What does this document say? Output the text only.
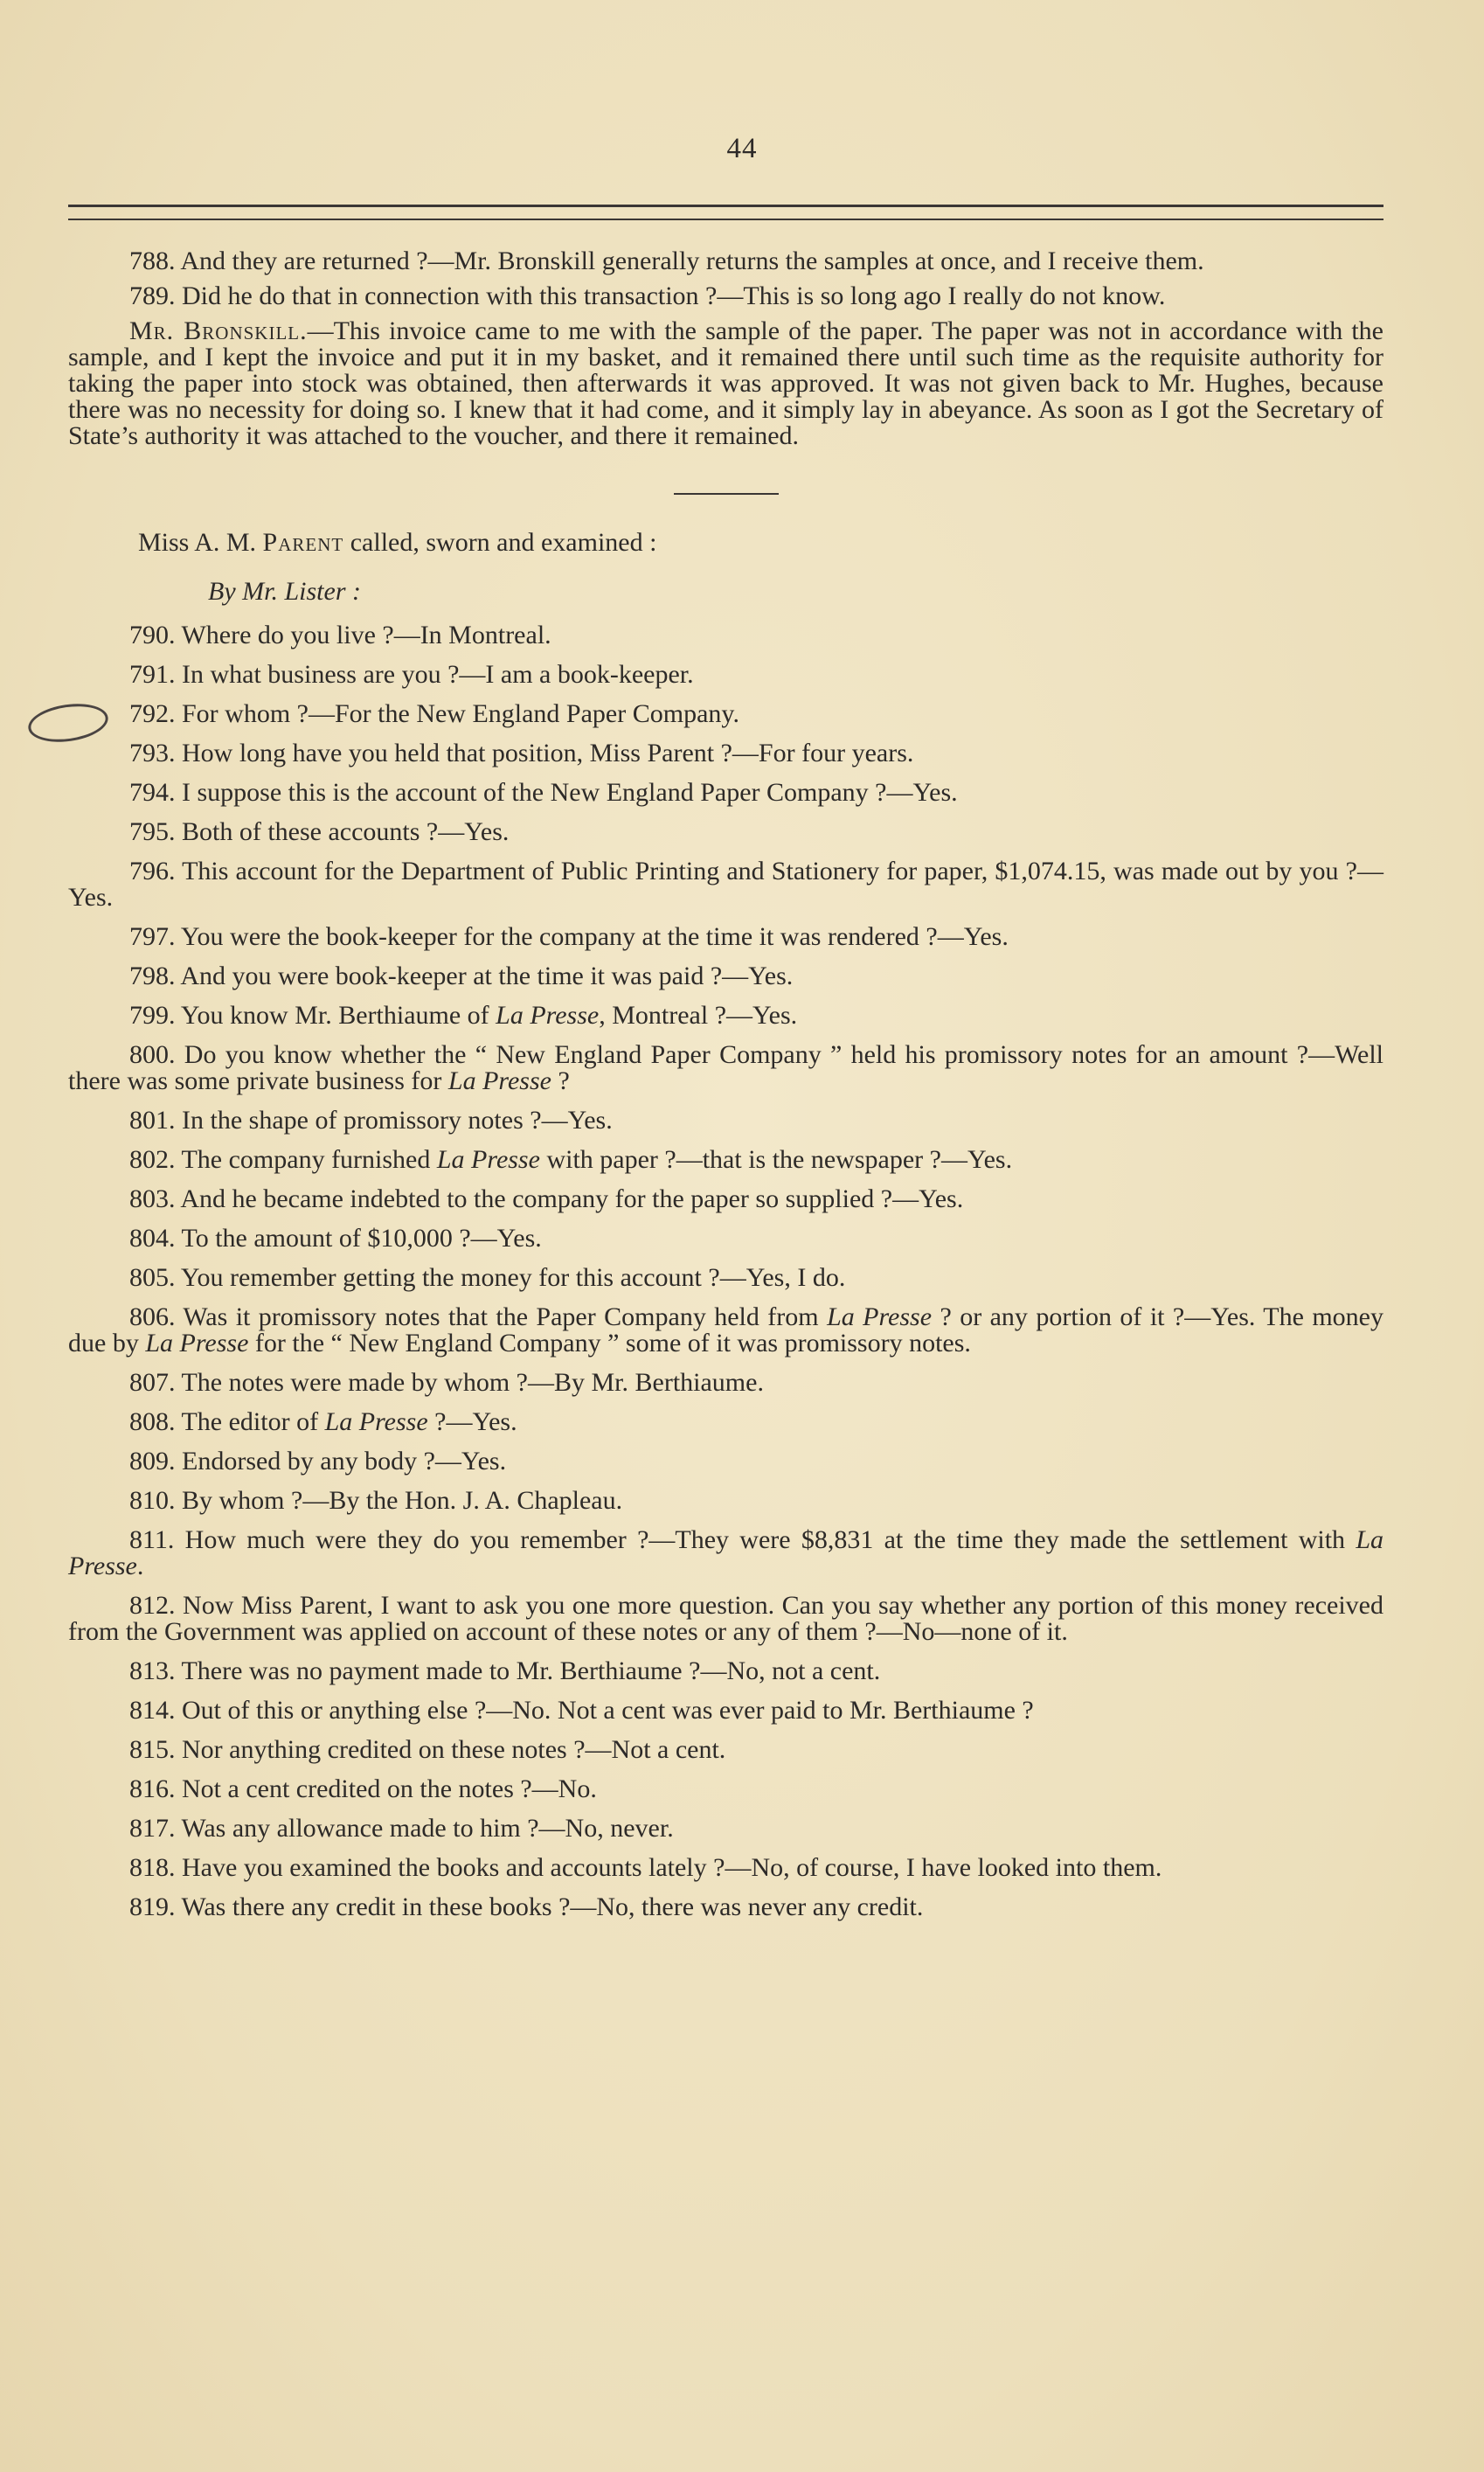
44

788. And they are returned ?—Mr. Bronskill generally returns the samples at once, and I receive them.

789. Did he do that in connection with this transaction ?—This is so long ago I really do not know.

Mr. Bronskill.—This invoice came to me with the sample of the paper. The paper was not in accordance with the sample, and I kept the invoice and put it in my basket, and it remained there until such time as the requisite authority for taking the paper into stock was obtained, then afterwards it was approved. It was not given back to Mr. Hughes, because there was no necessity for doing so. I knew that it had come, and it simply lay in abeyance. As soon as I got the Secretary of State’s authority it was attached to the voucher, and there it remained.

Miss A. M. Parent called, sworn and examined :

By Mr. Lister :

790. Where do you live ?—In Montreal.

791. In what business are you ?—I am a book-keeper.

792. For whom ?—For the New England Paper Company.

793. How long have you held that position, Miss Parent ?—For four years.

794. I suppose this is the account of the New England Paper Company ?—Yes.

795. Both of these accounts ?—Yes.

796. This account for the Department of Public Printing and Stationery for paper, $1,074.15, was made out by you ?—Yes.

797. You were the book-keeper for the company at the time it was rendered ?—Yes.

798. And you were book-keeper at the time it was paid ?—Yes.

799. You know Mr. Berthiaume of La Presse, Montreal ?—Yes.

800. Do you know whether the “ New England Paper Company ” held his promissory notes for an amount ?—Well there was some private business for La Presse ?

801. In the shape of promissory notes ?—Yes.

802. The company furnished La Presse with paper ?—that is the newspaper ?—Yes.

803. And he became indebted to the company for the paper so supplied ?—Yes.

804. To the amount of $10,000 ?—Yes.

805. You remember getting the money for this account ?—Yes, I do.

806. Was it promissory notes that the Paper Company held from La Presse ? or any portion of it ?—Yes. The money due by La Presse for the “ New England Company ” some of it was promissory notes.

807. The notes were made by whom ?—By Mr. Berthiaume.

808. The editor of La Presse ?—Yes.

809. Endorsed by any body ?—Yes.

810. By whom ?—By the Hon. J. A. Chapleau.

811. How much were they do you remember ?—They were $8,831 at the time they made the settlement with La Presse.

812. Now Miss Parent, I want to ask you one more question. Can you say whether any portion of this money received from the Government was applied on account of these notes or any of them ?—No—none of it.

813. There was no payment made to Mr. Berthiaume ?—No, not a cent.

814. Out of this or anything else ?—No. Not a cent was ever paid to Mr. Berthiaume ?

815. Nor anything credited on these notes ?—Not a cent.

816. Not a cent credited on the notes ?—No.

817. Was any allowance made to him ?—No, never.

818. Have you examined the books and accounts lately ?—No, of course, I have looked into them.

819. Was there any credit in these books ?—No, there was never any credit.
